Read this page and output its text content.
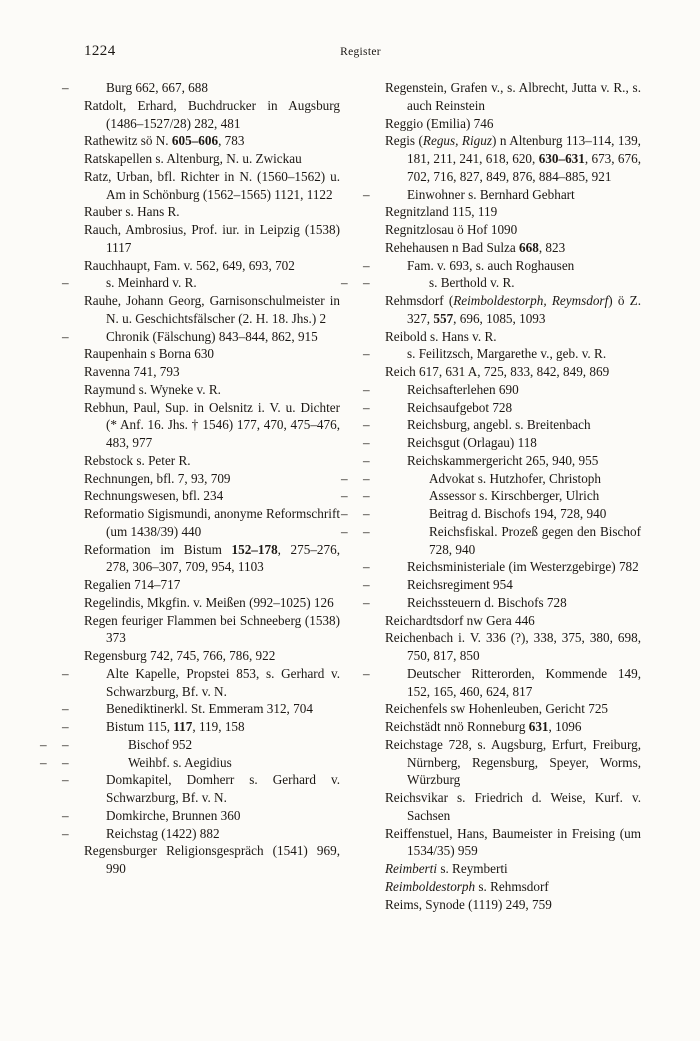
1224	Register
–	Burg 662, 667, 688
Ratdolt, Erhard, Buchdrucker in Augsburg (1486–1527/28) 282, 481
Rathewitz sö N. 605–606, 783
Ratskapellen s. Altenburg, N. u. Zwickau
Ratz, Urban, bfl. Richter in N. (1560–1562) u. Am in Schönburg (1562–1565) 1121, 1122
Rauber s. Hans R.
Rauch, Ambrosius, Prof. iur. in Leipzig (1538) 1117
Rauchhaupt, Fam. v. 562, 649, 693, 702
–	s. Meinhard v. R.
Rauhe, Johann Georg, Garnisonschulmeister in N. u. Geschichtsfälscher (2. H. 18. Jhs.) 2
–	Chronik (Fälschung) 843–844, 862, 915
Raupenhain s Borna 630
Ravenna 741, 793
Raymund s. Wyneke v. R.
Rebhun, Paul, Sup. in Oelsnitz i. V. u. Dichter (* Anf. 16. Jhs. † 1546) 177, 470, 475–476, 483, 977
Rebstock s. Peter R.
Rechnungen, bfl. 7, 93, 709
Rechnungswesen, bfl. 234
Reformatio Sigismundi, anonyme Reformschrift (um 1438/39) 440
Reformation im Bistum 152–178, 275–276, 278, 306–307, 709, 954, 1103
Regalien 714–717
Regelindis, Mkgfin. v. Meißen (992–1025) 126
Regen feuriger Flammen bei Schneeberg (1538) 373
Regensburg 742, 745, 766, 786, 922
–	Alte Kapelle, Propstei 853, s. Gerhard v. Schwarzburg, Bf. v. N.
–	Benediktinerkl. St. Emmeram 312, 704
–	Bistum 115, 117, 119, 158
– –	Bischof 952
– –	Weihbf. s. Aegidius
–	Domkapitel, Domherr s. Gerhard v. Schwarzburg, Bf. v. N.
–	Domkirche, Brunnen 360
–	Reichstag (1422) 882
Regensburger Religionsgespräch (1541) 969, 990
Regenstein, Grafen v., s. Albrecht, Jutta v. R., s. auch Reinstein
Reggio (Emilia) 746
Regis (Regus, Riguz) n Altenburg 113–114, 139, 181, 211, 241, 618, 620, 630–631, 673, 676, 702, 716, 827, 849, 876, 884–885, 921
–	Einwohner s. Bernhard Gebhart
Regnitzland 115, 119
Regnitzlosau ö Hof 1090
Rehehausen n Bad Sulza 668, 823
–	Fam. v. 693, s. auch Roghausen
– –	s. Berthold v. R.
Rehmsdorf (Reimboldestorph, Reymsdorf) ö Z. 327, 557, 696, 1085, 1093
Reibold s. Hans v. R.
–	s. Feilitzsch, Margarethe v., geb. v. R.
Reich 617, 631 A, 725, 833, 842, 849, 869
–	Reichsafterlehen 690
–	Reichsaufgebot 728
–	Reichsburg, angebl. s. Breitenbach
–	Reichsgut (Orlagau) 118
–	Reichskammergericht 265, 940, 955
– –	Advokat s. Hutzhofer, Christoph
– –	Assessor s. Kirschberger, Ulrich
– –	Beitrag d. Bischofs 194, 728, 940
– –	Reichsfiskal. Prozeß gegen den Bischof 728, 940
–	Reichsministeriale (im Westerzgebirge) 782
–	Reichsregiment 954
–	Reichssteuern d. Bischofs 728
Reichardtsdorf nw Gera 446
Reichenbach i. V. 336 (?), 338, 375, 380, 698, 750, 817, 850
–	Deutscher Ritterorden, Kommende 149, 152, 165, 460, 624, 817
Reichenfels sw Hohenleuben, Gericht 725
Reichstädt nnö Ronneburg 631, 1096
Reichstage 728, s. Augsburg, Erfurt, Freiburg, Nürnberg, Regensburg, Speyer, Worms, Würzburg
Reichsvikar s. Friedrich d. Weise, Kurf. v. Sachsen
Reiffenstuel, Hans, Baumeister in Freising (um 1534/35) 959
Reimberti s. Reymberti
Reimboldestorph s. Rehmsdorf
Reims, Synode (1119) 249, 759
